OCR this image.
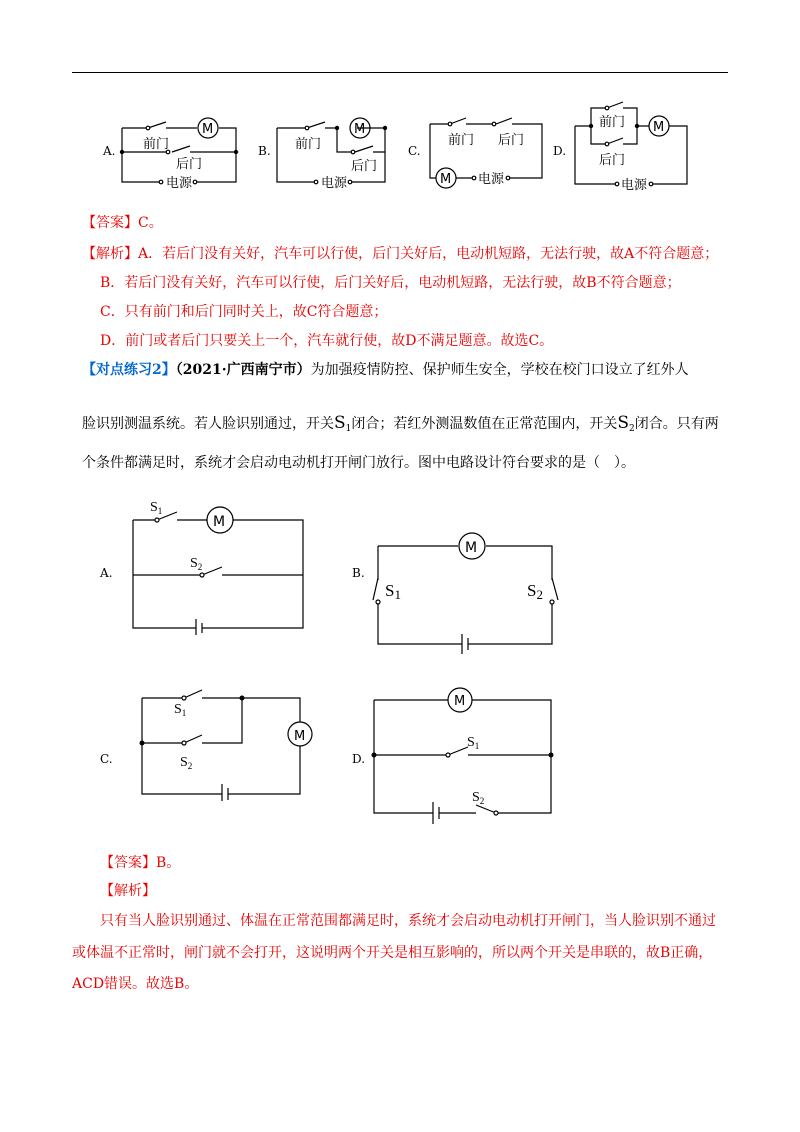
A.
M
前门
后门
电源
B.
M
前门
后门
电源
C.
M
前门 后门
电源
D.
M
前门
后门
电源
【答案】C。
【解析】A．若后门没有关好，汽车可以行使，后门关好后，电动机短路，无法行驶，故A不符合题意；
B．若后门没有关好，汽车可以行使，后门关好后，电动机短路，无法行驶，故B不符合题意；
C．只有前门和后门同时关上，故C符合题意；
D．前门或者后门只要关上一个，汽车就行使，故D不满足题意。故选C。
【对点练习2】（2021·广西南宁市）为加强疫情防控、保护师生安全，学校在校门口设立了红外人
脸识别测温系统。若人脸识别通过，开关$S_1$闭合；若红外测温数值在正常范围内，开关$S_2$闭合。只有两
个条件都满足时，系统才会启动电动机打开闸门放行。图中电路设计符台要求的是（　）。
A.
M
$S_1$
$S_2$	B.
M
S1	S2
C.
M
$S_1$
$S_2$	D.
M
$S_1$
$S_2$
【答案】B。
【解析】
只有当人脸识别通过、体温在正常范围都满足时，系统才会启动电动机打开闸门，当人脸识别不通过
或体温不正常时，闸门就不会打开，这说明两个开关是相互影响的，所以两个开关是串联的，故B正确，
ACD错误。故选B。
